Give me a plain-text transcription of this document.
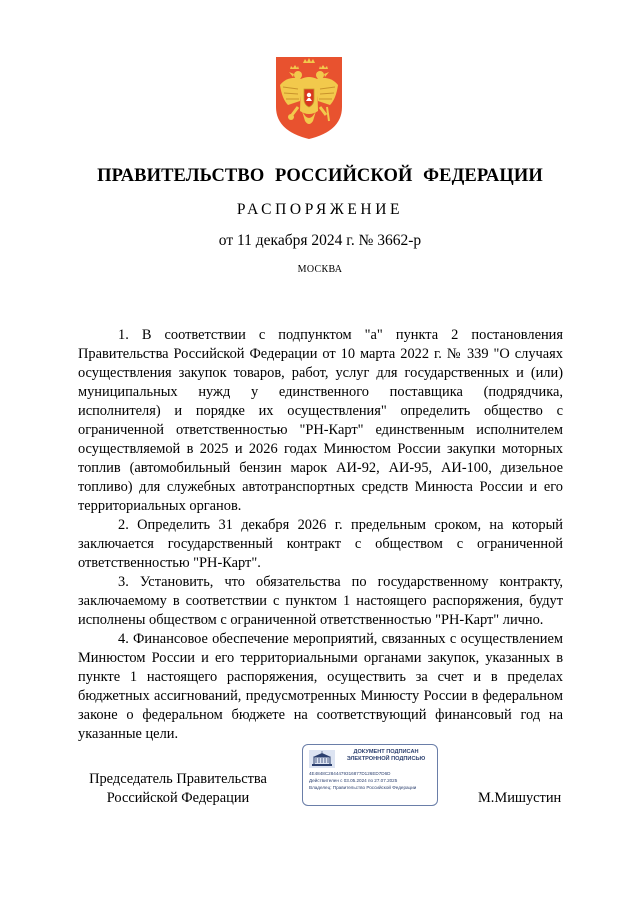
ПРАВИТЕЛЬСТВО РОССИЙСКОЙ ФЕДЕРАЦИИ
РАСПОРЯЖЕНИЕ
от 11 декабря 2024 г. № 3662-р
МОСКВА

1. В соответствии с подпунктом "а" пункта 2 постановления Правительства Российской Федерации от 10 марта 2022 г. № 339 "О случаях осуществления закупок товаров, работ, услуг для государственных и (или) муниципальных нужд у единственного поставщика (подрядчика, исполнителя) и порядке их осуществления" определить общество с ограниченной ответственностью "РН-Карт" единственным исполнителем осуществляемой в 2025 и 2026 годах Минюстом России закупки моторных топлив (автомобильный бензин марок АИ-92, АИ-95, АИ-100, дизельное топливо) для служебных автотранспортных средств Минюста России и его территориальных органов.

2. Определить 31 декабря 2026 г. предельным сроком, на который заключается государственный контракт с обществом с ограниченной ответственностью "РН-Карт".

3. Установить, что обязательства по государственному контракту, заключаемому в соответствии с пунктом 1 настоящего распоряжения, будут исполнены обществом с ограниченной ответственностью "РН-Карт" лично.

4. Финансовое обеспечение мероприятий, связанных с осуществлением Минюстом России и его территориальными органами закупок, указанных в пункте 1 настоящего распоряжения, осуществить за счет и в пределах бюджетных ассигнований, предусмотренных Минюсту России в федеральном законе о федеральном бюджете на соответствующий финансовый год на указанные цели.

Председатель Правительства
Российской Федерации
ДОКУМЕНТ ПОДПИСАН
ЭЛЕКТРОННОЙ ПОДПИСЬЮ
4E4848C2844479316877D126ED7D6D
Действителен с 03.05.2024 по 27.07.2025
Владелец: Правительство Российской Федерации
М.Мишустин
